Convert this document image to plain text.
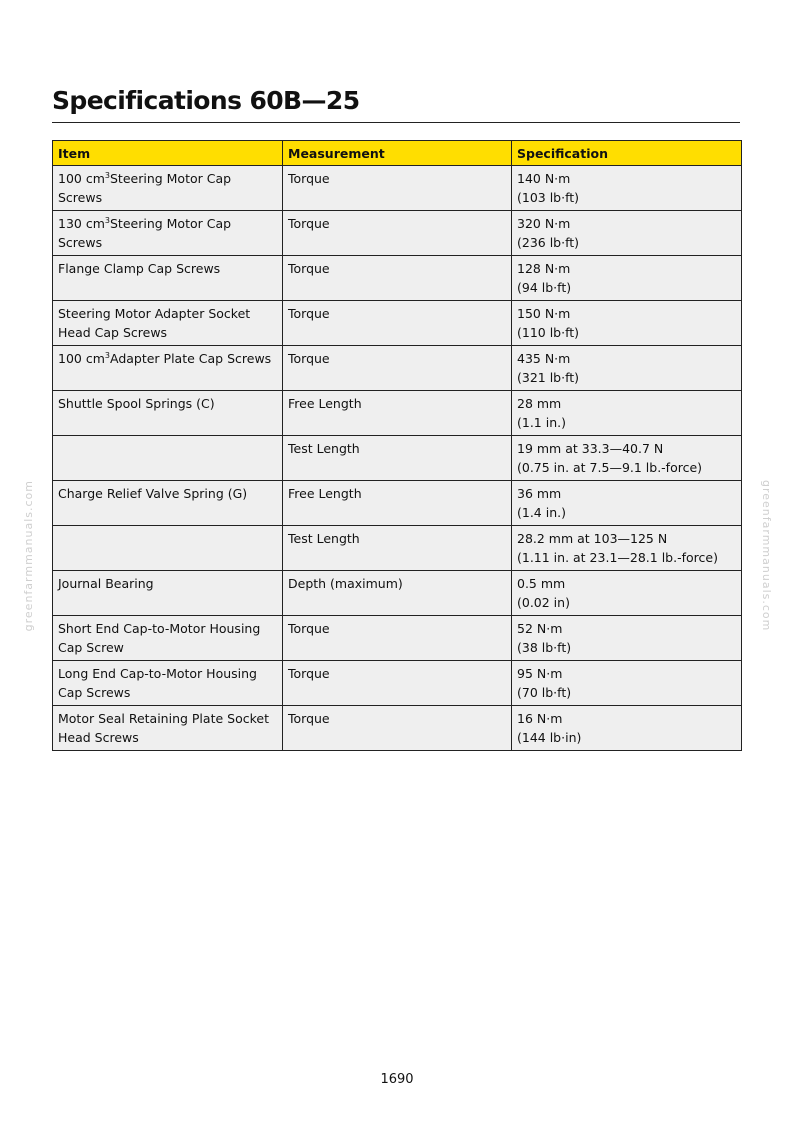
greenfarmmanuals.com	greenfarmmanuals.com
Specifications 60B—25
Item	Measurement	Specification
100 $cm^3Steering$ Motor Cap Screws	Torque	140 N·m
(103 lb·ft)

130 $cm^3Steering$ Motor Cap Screws	Torque	320 N·m
(236 lb·ft)

Flange Clamp Cap Screws	Torque	128 N·m
(94 lb·ft)

Steering Motor Adapter Socket Head Cap Screws	Torque	150 N·m
(110 lb·ft)

100 $cm^3Adapter$ Plate Cap Screws	Torque	435 N·m
(321 lb·ft)

Shuttle Spool Springs (C)	Free Length	28 mm
(1.1 in.)

	Test Length	19 mm at 33.3—40.7 N
(0.75 in. at 7.5—9.1 lb.-force)

Charge Relief Valve Spring (G)	Free Length	36 mm
(1.4 in.)

	Test Length	28.2 mm at 103—125 N
(1.11 in. at 23.1—28.1 lb.-force)

Journal Bearing	Depth (maximum)	0.5 mm
(0.02 in)

Short End Cap-to-Motor Housing Cap Screw	Torque	52 N·m
(38 lb·ft)

Long End Cap-to-Motor Housing Cap Screws	Torque	95 N·m
(70 lb·ft)

Motor Seal Retaining Plate Socket Head Screws	Torque	16 N·m
(144 lb·in)
1690
